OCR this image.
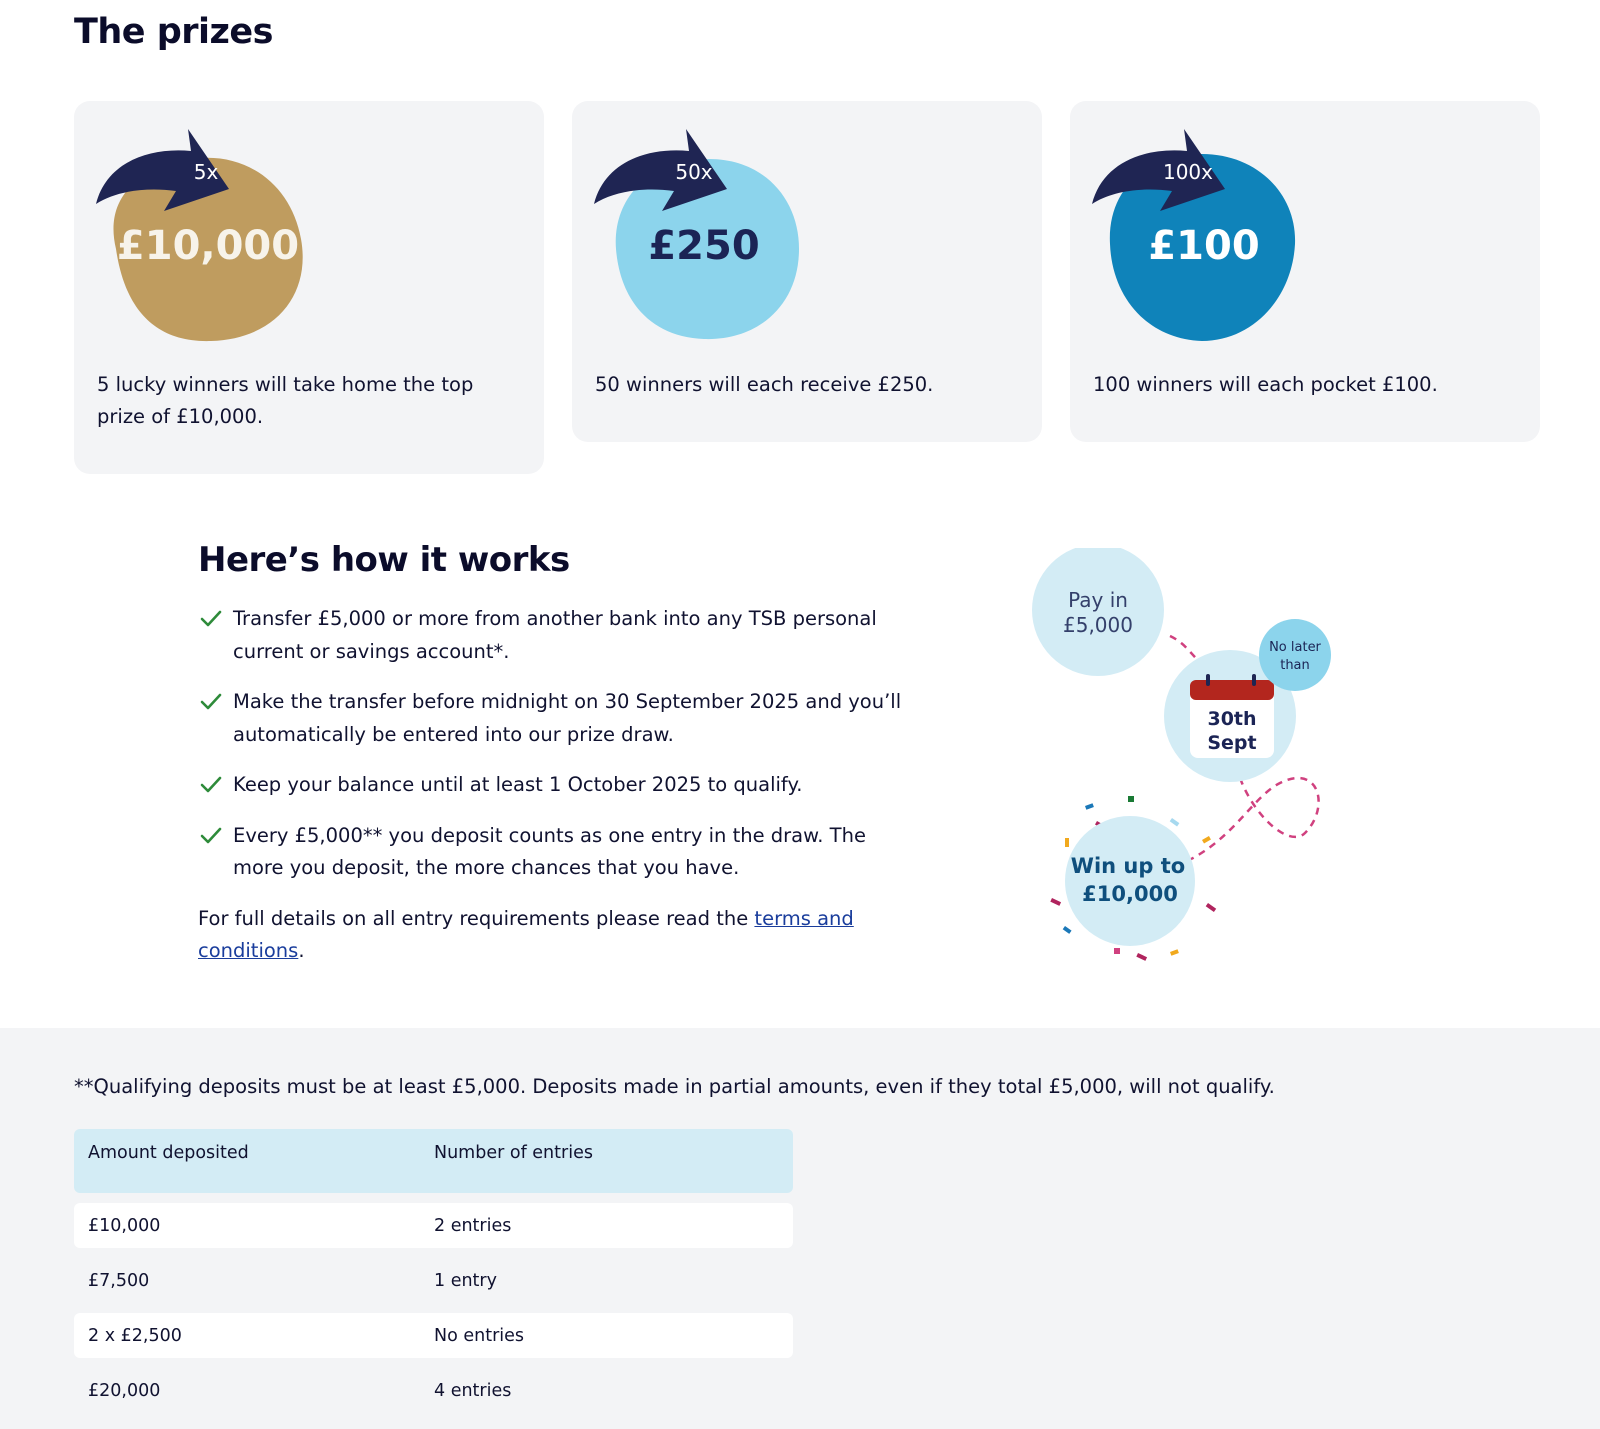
The prizes
5x
£10,000

5 lucky winners will take home the top prize of £10,000.

50x
£250

50 winners will each receive £250.

100x
£100

100 winners will each pocket £100.

Here’s how it works
Transfer £5,000 or more from another bank into any TSB personal current or savings account*.
Make the transfer before midnight on 30 September 2025 and you’ll automatically be entered into our prize draw.
Keep your balance until at least 1 October 2025 to qualify.
Every £5,000** you deposit counts as one entry in the draw. The more you deposit, the more chances that you have.

For full details on all entry requirements please read the terms and conditions.

Pay in
£5,000
30th
Sept
No later
than
Win up to
£10,000

**Qualifying deposits must be at least £5,000. Deposits made in partial amounts, even if they total £5,000, will not qualify.

Amount deposited	Number of entries
£10,000	2 entries
£7,500	1 entry
2 x £2,500	No entries
£20,000	4 entries
